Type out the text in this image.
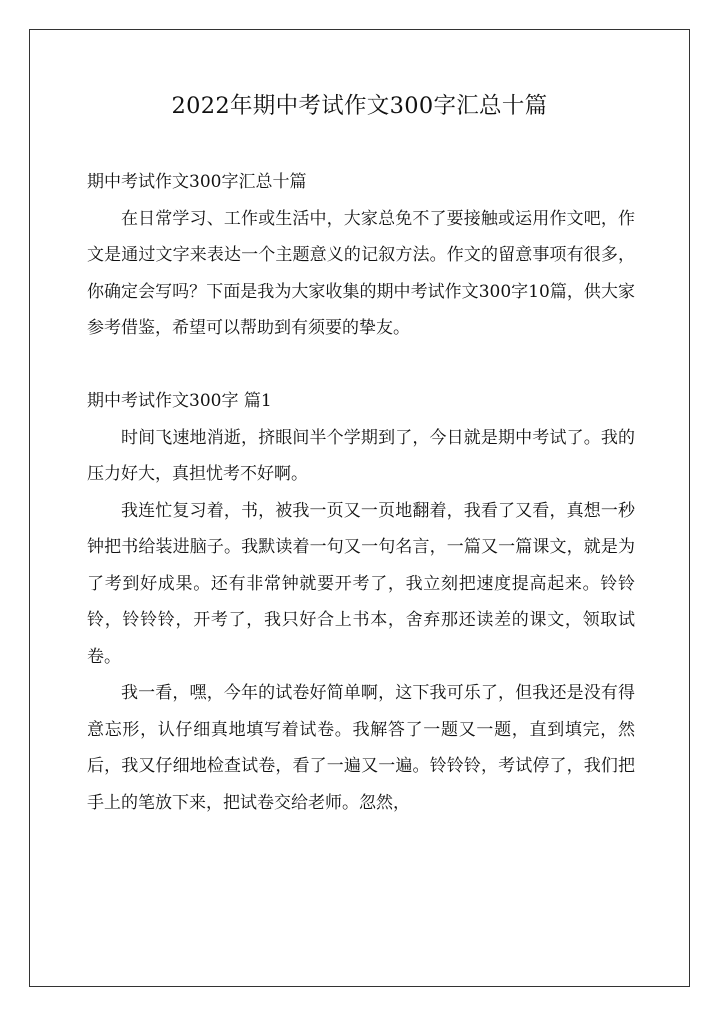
2022年期中考试作文300字汇总十篇

期中考试作文300字汇总十篇

在日常学习、工作或生活中，大家总免不了要接触或运用作文吧，作文是通过文字来表达一个主题意义的记叙方法。作文的留意事项有很多，你确定会写吗？下面是我为大家收集的期中考试作文300字10篇，供大家参考借鉴，希望可以帮助到有须要的挚友。

期中考试作文300字 篇1

时间飞速地消逝，挤眼间半个学期到了，今日就是期中考试了。我的压力好大，真担忧考不好啊。

我连忙复习着，书，被我一页又一页地翻着，我看了又看，真想一秒钟把书给装进脑子。我默读着一句又一句名言，一篇又一篇课文，就是为了考到好成果。还有非常钟就要开考了，我立刻把速度提高起来。铃铃铃，铃铃铃，开考了，我只好合上书本，舍弃那还读差的课文，领取试卷。

我一看，嘿，今年的试卷好简单啊，这下我可乐了，但我还是没有得意忘形，认仔细真地填写着试卷。我解答了一题又一题，直到填完，然后，我又仔细地检查试卷，看了一遍又一遍。铃铃铃，考试停了，我们把手上的笔放下来，把试卷交给老师。忽然，
